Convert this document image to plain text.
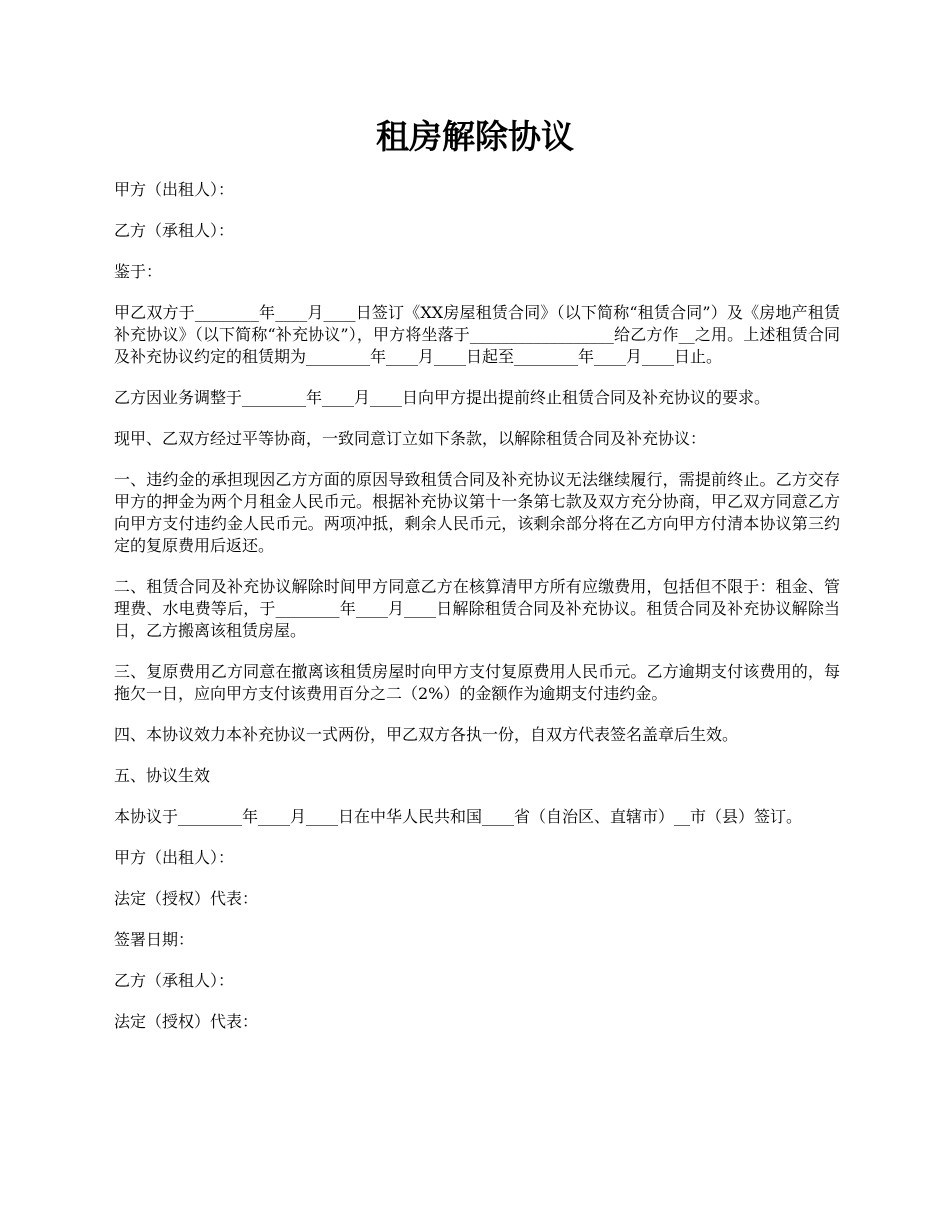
租房解除协议

甲方（出租人）：

乙方（承租人）：

鉴于：

甲乙双方于________年____月____日签订《XX房屋租赁合同》（以下简称“租赁合同”）及《房地产租赁补充协议》（以下简称“补充协议”），甲方将坐落于__________________给乙方作__之用。上述租赁合同及补充协议约定的租赁期为________年____月____日起至________年____月____日止。

乙方因业务调整于________年____月____日向甲方提出提前终止租赁合同及补充协议的要求。

现甲、乙双方经过平等协商，一致同意订立如下条款，以解除租赁合同及补充协议：

一、违约金的承担现因乙方方面的原因导致租赁合同及补充协议无法继续履行，需提前终止。乙方交存甲方的押金为两个月租金人民币元。根据补充协议第十一条第七款及双方充分协商，甲乙双方同意乙方向甲方支付违约金人民币元。两项冲抵，剩余人民币元，该剩余部分将在乙方向甲方付清本协议第三约定的复原费用后返还。

二、租赁合同及补充协议解除时间甲方同意乙方在核算清甲方所有应缴费用，包括但不限于：租金、管理费、水电费等后，于________年____月____日解除租赁合同及补充协议。租赁合同及补充协议解除当日，乙方搬离该租赁房屋。

三、复原费用乙方同意在撤离该租赁房屋时向甲方支付复原费用人民币元。乙方逾期支付该费用的，每拖欠一日，应向甲方支付该费用百分之二（2%）的金额作为逾期支付违约金。

四、本协议效力本补充协议一式两份，甲乙双方各执一份，自双方代表签名盖章后生效。

五、协议生效

本协议于________年____月____日在中华人民共和国____省（自治区、直辖市）__市（县）签订。

甲方（出租人）：

法定（授权）代表：

签署日期：

乙方（承租人）：

法定（授权）代表：
